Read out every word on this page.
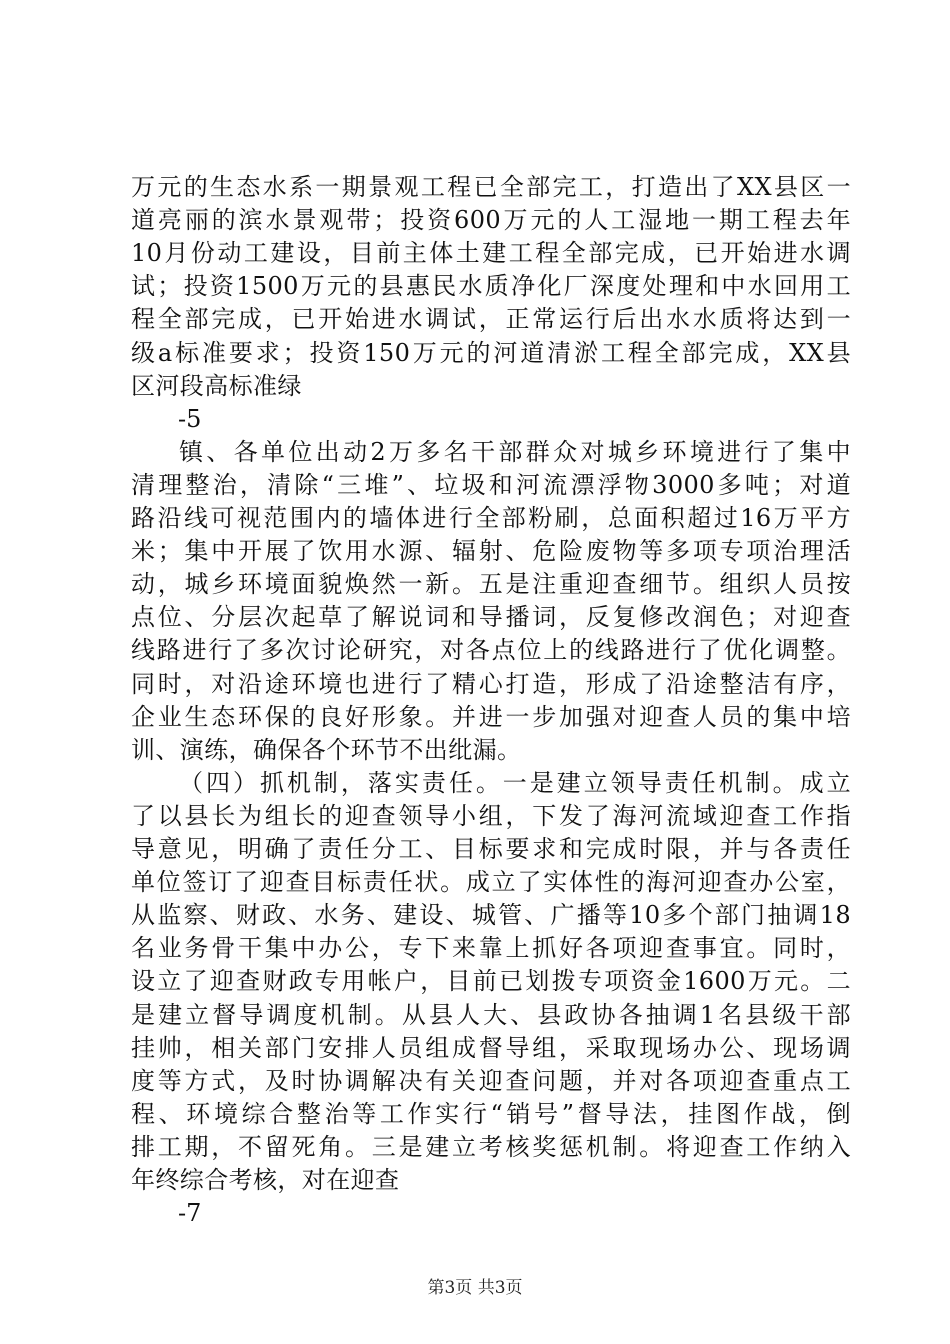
万元的生态水系一期景观工程已全部完工，打造出了XX县区一
道亮丽的滨水景观带；投资600万元的人工湿地一期工程去年
10月份动工建设，目前主体土建工程全部完成，已开始进水调
试；投资1500万元的县惠民水质净化厂深度处理和中水回用工
程全部完成，已开始进水调试，正常运行后出水水质将达到一
级a标准要求；投资150万元的河道清淤工程全部完成，XX县
区河段高标准绿
-5
镇、各单位出动2万多名干部群众对城乡环境进行了集中
清理整治，清除“三堆”、垃圾和河流漂浮物3000多吨；对道
路沿线可视范围内的墙体进行全部粉刷，总面积超过16万平方
米；集中开展了饮用水源、辐射、危险废物等多项专项治理活
动，城乡环境面貌焕然一新。五是注重迎查细节。组织人员按
点位、分层次起草了解说词和导播词，反复修改润色；对迎查
线路进行了多次讨论研究，对各点位上的线路进行了优化调整。
同时，对沿途环境也进行了精心打造，形成了沿途整洁有序，
企业生态环保的良好形象。并进一步加强对迎查人员的集中培
训、演练，确保各个环节不出纰漏。
（四）抓机制，落实责任。一是建立领导责任机制。成立
了以县长为组长的迎查领导小组，下发了海河流域迎查工作指
导意见，明确了责任分工、目标要求和完成时限，并与各责任
单位签订了迎查目标责任状。成立了实体性的海河迎查办公室，
从监察、财政、水务、建设、城管、广播等10多个部门抽调18
名业务骨干集中办公，专下来靠上抓好各项迎查事宜。同时，
设立了迎查财政专用帐户，目前已划拨专项资金1600万元。二
是建立督导调度机制。从县人大、县政协各抽调1名县级干部
挂帅，相关部门安排人员组成督导组，采取现场办公、现场调
度等方式，及时协调解决有关迎查问题，并对各项迎查重点工
程、环境综合整治等工作实行“销号”督导法，挂图作战，倒
排工期，不留死角。三是建立考核奖惩机制。将迎查工作纳入
年终综合考核，对在迎查
第3页 共3页
-7
